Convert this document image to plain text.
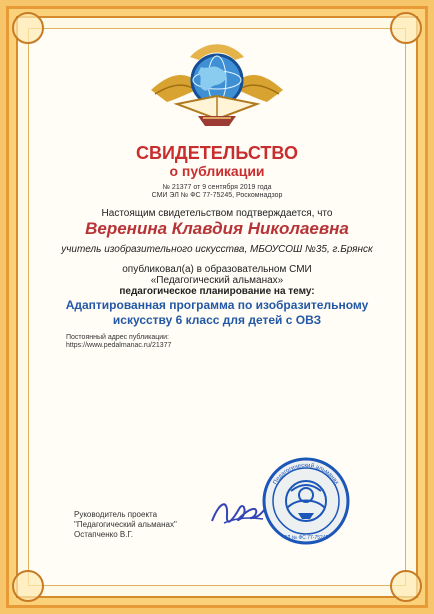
СВИДЕТЕЛЬСТВО
о публикации
№ 21377 от 9 сентября 2019 года
СМИ ЭЛ № ФС 77-75245, Роскомнадзор
Настоящим свидетельством подтверждается, что
Веренина Клавдия Николаевна
учитель изобразительного искусства, МБОУСОШ №35, г.Брянск
опубликовал(а) в образовательном СМИ
«Педагогический альманах»
педагогическое планирование на тему:
Адаптированная программа по изобразительному
искусству 6 класс для детей с ОВЗ
Постоянный адрес публикации:
https://www.pedalmanac.ru/21377
Руководитель проекта
"Педагогический альманах"
Остапченко В.Г.
Педагогический альманах
ЭЛ № ФС 77-75245
